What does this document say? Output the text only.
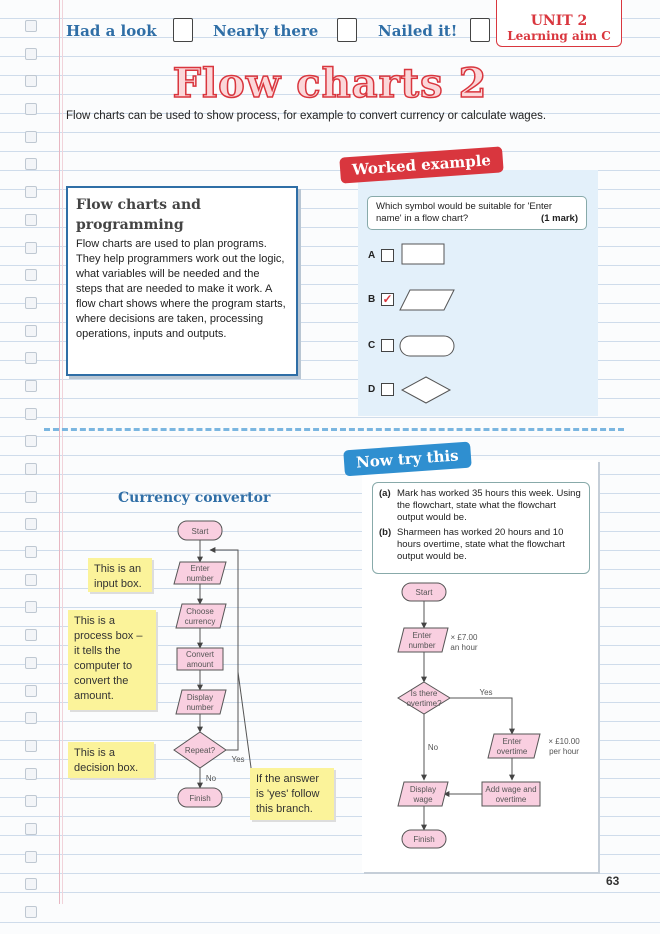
Had a look	Nearly there	Nailed it!
UNIT 2
Learning aim C
Flow charts 2
Flow charts can be used to show process, for example to convert currency or calculate wages.
Flow charts and programming
Flow charts are used to plan programs. They help programmers work out the logic, what variables will be needed and the steps that are needed to make it work. A flow chart shows where the program starts, where decisions are taken, processing operations, inputs and outputs.
Worked example
Which symbol would be suitable for 'Enter name' in a flow chart?	(1 mark)
A
B ✓
C
D
Now try this
(a) Mark has worked 35 hours this week. Using the flowchart, state what the flowchart output would be.
(b) Sharmeen has worked 20 hours and 10 hours overtime, state what the flowchart output would be.
Currency convertor
Start
Enter
number
Choose
currency
Convert
amount
Display
number
Repeat?
Yes
No
Finish
Start
Enter
number
× £7.00
an hour
Is there
overtime?
Yes
No
Enter
overtime
× £10.00
per hour
Display
wage
Add wage and
overtime
Finish
This is an input box.
This is a process box – it tells the computer to convert the amount.
This is a decision box.
If the answer is 'yes' follow this branch.
63
